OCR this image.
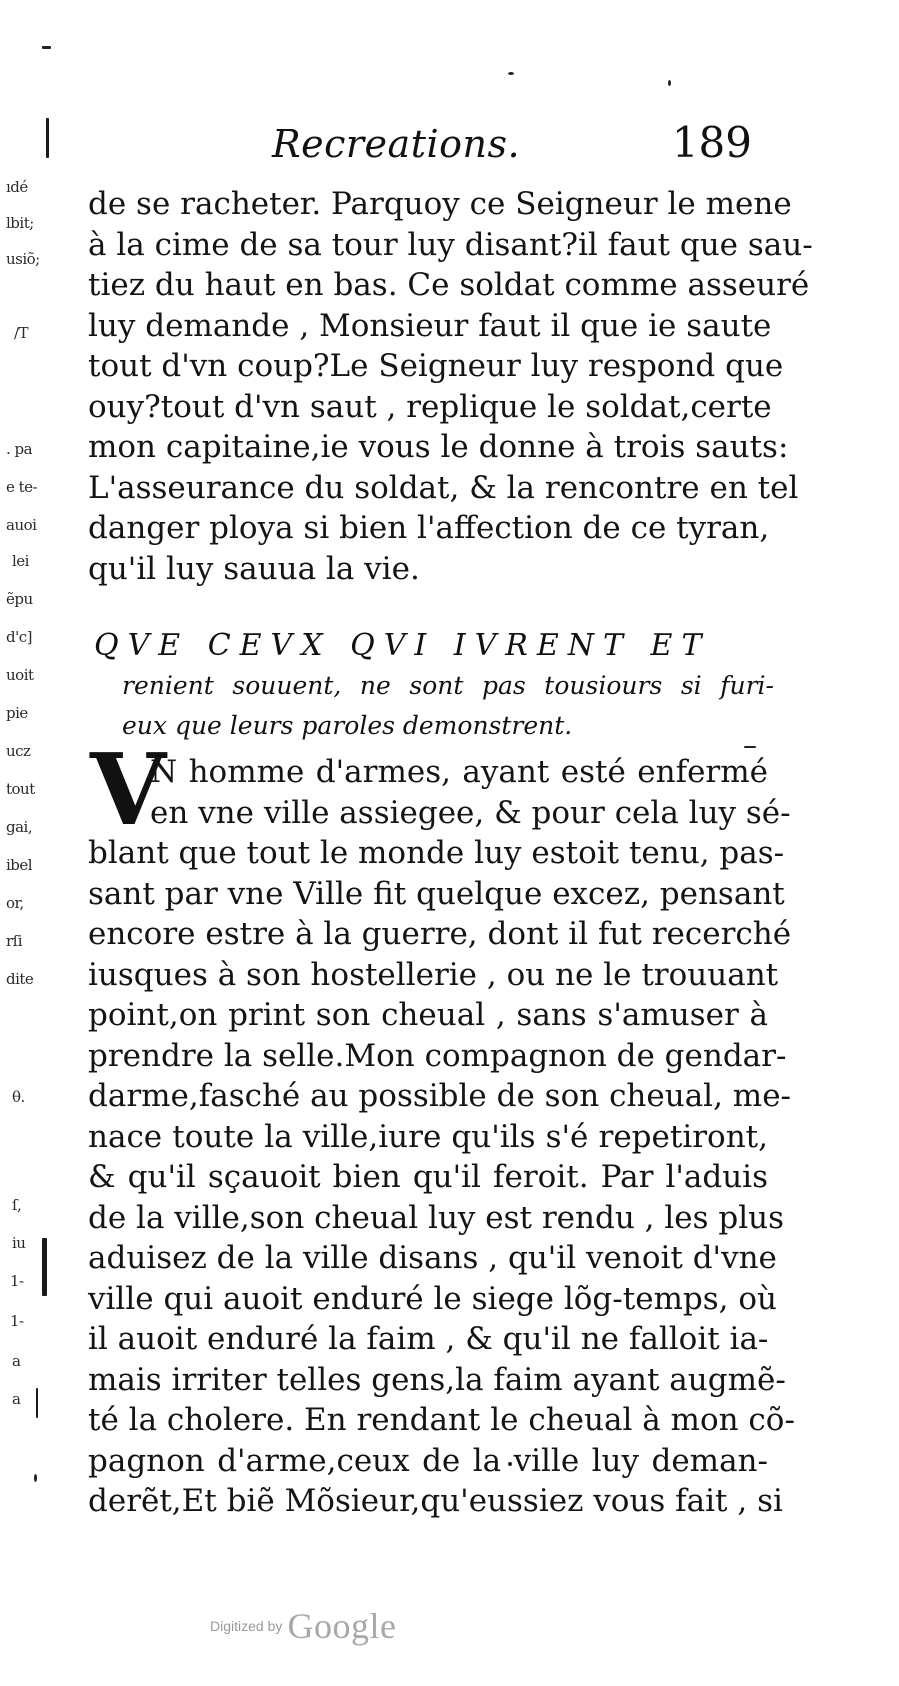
ıdé
lbit;
usiõ;
/T
. pa
e te-
auoi
lei
ẽpu
d'c]
uoit
pie
ucz
tout
gai,
ibel
or,
rſi
dite
θ.
ſ,
iu
1-
1-
a
a
Recreations.	189
de se racheter. Parquoy ce Seigneur le mene
à la cime de sa tour luy disant?il faut que sau-
tiez du haut en bas. Ce soldat comme asseuré
luy demande , Monsieur faut il que ie saute
tout d'vn coup?Le Seigneur luy respond que
ouy?tout d'vn saut , replique le soldat,certe
mon capitaine,ie vous le donne à trois sauts:
L'asseurance du soldat, & la rencontre en tel
danger ploya si bien l'affection de ce tyran,
qu'il luy sauua la vie.
QVE CEVX QVI IVRENT ET
renient souuent, ne sont pas tousiours si furi-
eux que leurs paroles demonstrent.
V
N homme d'armes, ayant esté enfermé
en vne ville assiegee, & pour cela luy sé-
blant que tout le monde luy estoit tenu, pas-
sant par vne Ville fit quelque excez, pensant
encore estre à la guerre, dont il fut recerché
iusques à son hostellerie , ou ne le trouuant
point,on print son cheual , sans s'amuser à
prendre la selle.Mon compagnon de gendar-
darme,fasché au possible de son cheual, me-
nace toute la ville,iure qu'ils s'é repetiront,
& qu'il sçauoit bien qu'il feroit. Par l'aduis
de la ville,son cheual luy est rendu , les plus
aduisez de la ville disans , qu'il venoit d'vne
ville qui auoit enduré le siege lõg-temps, où
il auoit enduré la faim , & qu'il ne falloit ia-
mais irriter telles gens,la faim ayant augmẽ-
té la cholere. En rendant le cheual à mon cõ-
pagnon d'arme,ceux de la ville luy deman-
derẽt,Et biẽ Mõsieur,qu'eussiez vous fait , si
Digitized by Google
